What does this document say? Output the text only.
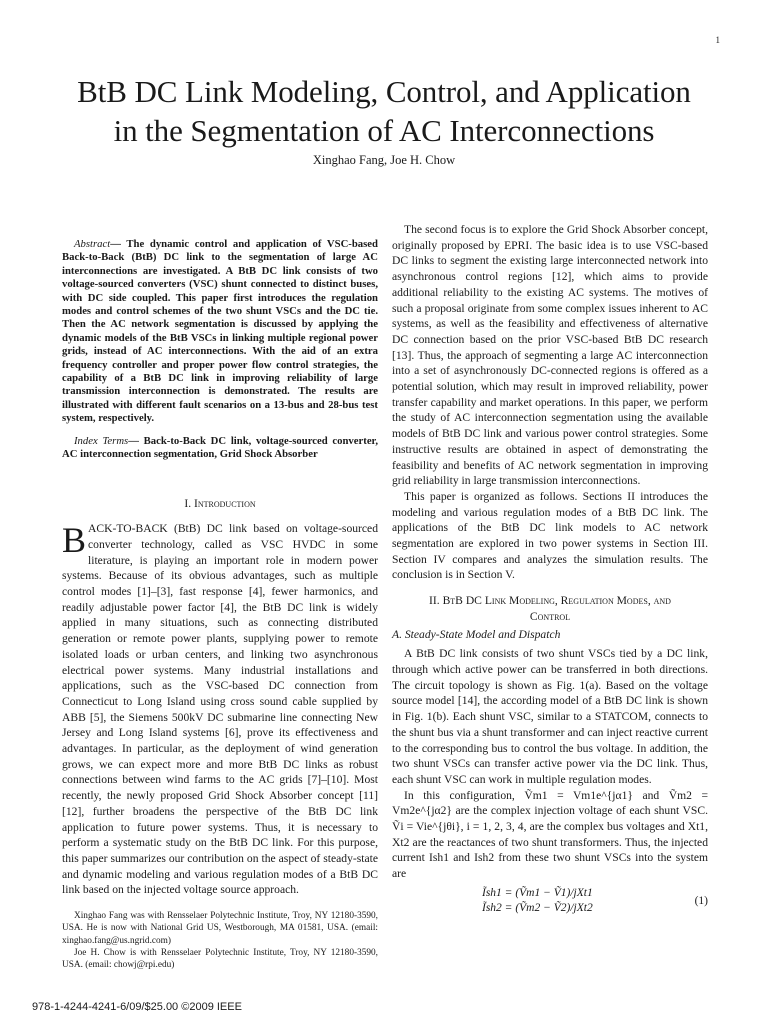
1
BtB DC Link Modeling, Control, and Application
in the Segmentation of AC Interconnections
Xinghao Fang, Joe H. Chow

Abstract— The dynamic control and application of VSC-based Back-to-Back (BtB) DC link to the segmentation of large AC interconnections are investigated. A BtB DC link consists of two voltage-sourced converters (VSC) shunt connected to distinct buses, with DC side coupled. This paper first introduces the regulation modes and control schemes of the two shunt VSCs and the DC tie. Then the AC network segmentation is discussed by applying the dynamic models of the BtB VSCs in linking multiple regional power grids, instead of AC interconnections. With the aid of an extra frequency controller and proper power flow control strategies, the capability of a BtB DC link in improving reliability of large transmission interconnection is demonstrated. The results are illustrated with different fault scenarios on a 13-bus and 28-bus test system, respectively.

Index Terms— Back-to-Back DC link, voltage-sourced converter, AC interconnection segmentation, Grid Shock Absorber

I. Introduction

BACK-TO-BACK (BtB) DC link based on voltage-sourced converter technology, called as VSC HVDC in some literature, is playing an important role in modern power systems. Because of its obvious advantages, such as multiple control modes [1]–[3], fast response [4], fewer harmonics, and readily adjustable power factor [4], the BtB DC link is widely applied in many situations, such as connecting distributed generation or remote power plants, supplying power to remote isolated loads or urban centers, and linking two asynchronous electrical power systems. Many industrial installations and applications, such as the VSC-based DC connection from Connecticut to Long Island using cross sound cable supplied by ABB [5], the Siemens 500kV DC submarine line connecting New Jersey and Long Island systems [6], prove its effectiveness and advantages. In particular, as the deployment of wind generation grows, we can expect more and more BtB DC links as robust connections between wind farms to the AC grids [7]–[10]. Most recently, the newly proposed Grid Shock Absorber concept [11] [12], further broadens the perspective of the BtB DC link application to future power systems. Thus, it is necessary to perform a systematic study on the BtB DC link. For this purpose, this paper summarizes our contribution on the aspect of steady-state and dynamic modeling and various regulation modes of a BtB DC link based on the injected voltage source approach.

Xinghao Fang was with Rensselaer Polytechnic Institute, Troy, NY 12180-3590, USA. He is now with National Grid US, Westborough, MA 01581, USA. (email: xinghao.fang@us.ngrid.com)

Joe H. Chow is with Rensselaer Polytechnic Institute, Troy, NY 12180-3590, USA. (email: chowj@rpi.edu)

978-1-4244-4241-6/09/$25.00 ©2009 IEEE

The second focus is to explore the Grid Shock Absorber concept, originally proposed by EPRI. The basic idea is to use VSC-based DC links to segment the existing large interconnected network into asynchronous control regions [12], which aims to provide additional reliability to the existing AC systems. The motives of such a proposal originate from some complex issues inherent to AC systems, as well as the feasibility and effectiveness of alternative DC connection based on the prior VSC-based BtB DC research [13]. Thus, the approach of segmenting a large AC interconnection into a set of asynchronously DC-connected regions is offered as a potential solution, which may result in improved reliability, power transfer capability and market operations. In this paper, we perform the study of AC interconnection segmentation using the available models of BtB DC link and various power control strategies. Some instructive results are obtained in aspect of demonstrating the feasibility and benefits of AC network segmentation in improving grid reliability in large transmission interconnections.

This paper is organized as follows. Sections II introduces the modeling and various regulation modes of a BtB DC link. The applications of the BtB DC link models to AC network segmentation are explored in two power systems in Section III. Section IV compares and analyzes the simulation results. The conclusion is in Section V.

II. BtB DC Link Modeling, Regulation Modes, and
Control
A. Steady-State Model and Dispatch

A BtB DC link consists of two shunt VSCs tied by a DC link, through which active power can be transferred in both directions. The circuit topology is shown as Fig. 1(a). Based on the voltage source model [14], the according model of a BtB DC link is shown in Fig. 1(b). Each shunt VSC, similar to a STATCOM, connects to the shunt bus via a shunt transformer and can inject reactive current to the corresponding bus to control the bus voltage. In addition, the two shunt VSCs can transfer active power via the DC link. Thus, each shunt VSC can work in multiple regulation modes.

In this configuration, Ṽm1 = Vm1e^{jα1} and Ṽm2 = Vm2e^{jα2} are the complex injection voltage of each shunt VSC. Ṽi = Vie^{jθi}, i = 1, 2, 3, 4, are the complex bus voltages and Xt1, Xt2 are the reactances of two shunt transformers. Thus, the injected current Ish1 and Ish2 from these two shunt VSCs into the system are

Ĩsh1 = (Ṽm1 − Ṽ1)/jXt1
Ĩsh2 = (Ṽm2 − Ṽ2)/jXt2
(1)
